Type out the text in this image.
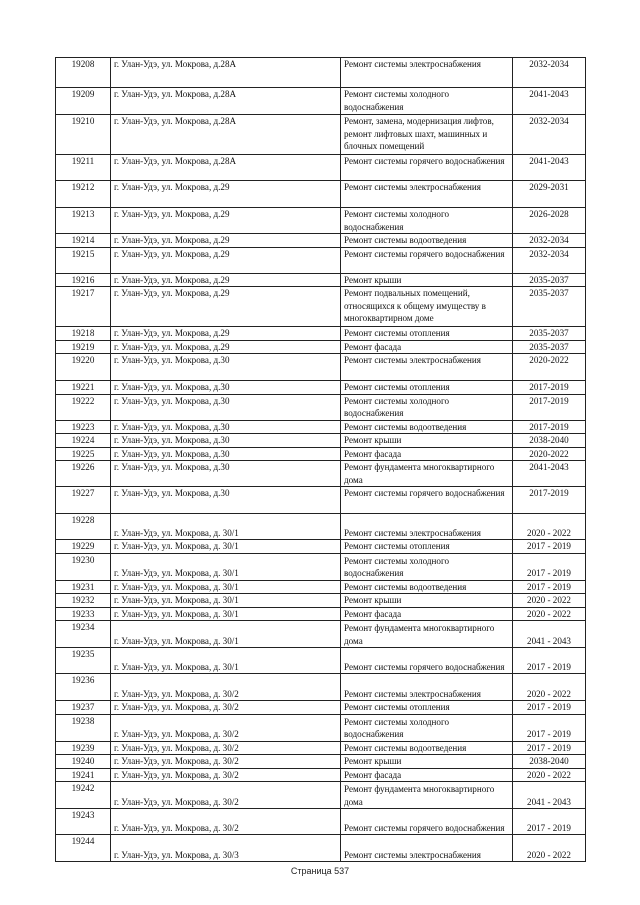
19208	г. Улан-Удэ, ул. Мокрова, д.28А	Ремонт системы электроснабжения	2032-2034
19209	г. Улан-Удэ, ул. Мокрова, д.28А	Ремонт системы холодного водоснабжения	2041-2043
19210	г. Улан-Удэ, ул. Мокрова, д.28А	Ремонт, замена, модернизация лифтов, ремонт лифтовых шахт, машинных и блочных помещений	2032-2034
19211	г. Улан-Удэ, ул. Мокрова, д.28А	Ремонт системы горячего водоснабжения	2041-2043
19212	г. Улан-Удэ, ул. Мокрова, д.29	Ремонт системы электроснабжения	2029-2031
19213	г. Улан-Удэ, ул. Мокрова, д.29	Ремонт системы холодного водоснабжения	2026-2028
19214	г. Улан-Удэ, ул. Мокрова, д.29	Ремонт системы водоотведения	2032-2034
19215	г. Улан-Удэ, ул. Мокрова, д.29	Ремонт системы горячего водоснабжения	2032-2034
19216	г. Улан-Удэ, ул. Мокрова, д.29	Ремонт крыши	2035-2037
19217	г. Улан-Удэ, ул. Мокрова, д.29	Ремонт подвальных помещений, относящихся к общему имуществу в многоквартирном доме	2035-2037
19218	г. Улан-Удэ, ул. Мокрова, д.29	Ремонт системы отопления	2035-2037
19219	г. Улан-Удэ, ул. Мокрова, д.29	Ремонт фасада	2035-2037
19220	г. Улан-Удэ, ул. Мокрова, д.30	Ремонт системы электроснабжения	2020-2022
19221	г. Улан-Удэ, ул. Мокрова, д.30	Ремонт системы отопления	2017-2019
19222	г. Улан-Удэ, ул. Мокрова, д.30	Ремонт системы холодного водоснабжения	2017-2019
19223	г. Улан-Удэ, ул. Мокрова, д.30	Ремонт системы водоотведения	2017-2019
19224	г. Улан-Удэ, ул. Мокрова, д.30	Ремонт крыши	2038-2040
19225	г. Улан-Удэ, ул. Мокрова, д.30	Ремонт фасада	2020-2022
19226	г. Улан-Удэ, ул. Мокрова, д.30	Ремонт фундамента многоквартирного дома	2041-2043
19227	г. Улан-Удэ, ул. Мокрова, д.30	Ремонт системы горячего водоснабжения	2017-2019
19228	г. Улан-Удэ, ул. Мокрова, д. 30/1	Ремонт системы электроснабжения	2020 - 2022
19229	г. Улан-Удэ, ул. Мокрова, д. 30/1	Ремонт системы отопления	2017 - 2019
19230	г. Улан-Удэ, ул. Мокрова, д. 30/1	Ремонт системы холодного водоснабжения	2017 - 2019
19231	г. Улан-Удэ, ул. Мокрова, д. 30/1	Ремонт системы водоотведения	2017 - 2019
19232	г. Улан-Удэ, ул. Мокрова, д. 30/1	Ремонт крыши	2020 - 2022
19233	г. Улан-Удэ, ул. Мокрова, д. 30/1	Ремонт фасада	2020 - 2022
19234	г. Улан-Удэ, ул. Мокрова, д. 30/1	Ремонт фундамента многоквартирного дома	2041 - 2043
19235	г. Улан-Удэ, ул. Мокрова, д. 30/1	Ремонт системы горячего водоснабжения	2017 - 2019
19236	г. Улан-Удэ, ул. Мокрова, д. 30/2	Ремонт системы электроснабжения	2020 - 2022
19237	г. Улан-Удэ, ул. Мокрова, д. 30/2	Ремонт системы отопления	2017 - 2019
19238	г. Улан-Удэ, ул. Мокрова, д. 30/2	Ремонт системы холодного водоснабжения	2017 - 2019
19239	г. Улан-Удэ, ул. Мокрова, д. 30/2	Ремонт системы водоотведения	2017 - 2019
19240	г. Улан-Удэ, ул. Мокрова, д. 30/2	Ремонт крыши	2038-2040
19241	г. Улан-Удэ, ул. Мокрова, д. 30/2	Ремонт фасада	2020 - 2022
19242	г. Улан-Удэ, ул. Мокрова, д. 30/2	Ремонт фундамента многоквартирного дома	2041 - 2043
19243	г. Улан-Удэ, ул. Мокрова, д. 30/2	Ремонт системы горячего водоснабжения	2017 - 2019
19244	г. Улан-Удэ, ул. Мокрова, д. 30/3	Ремонт системы электроснабжения	2020 - 2022
Страница 537
